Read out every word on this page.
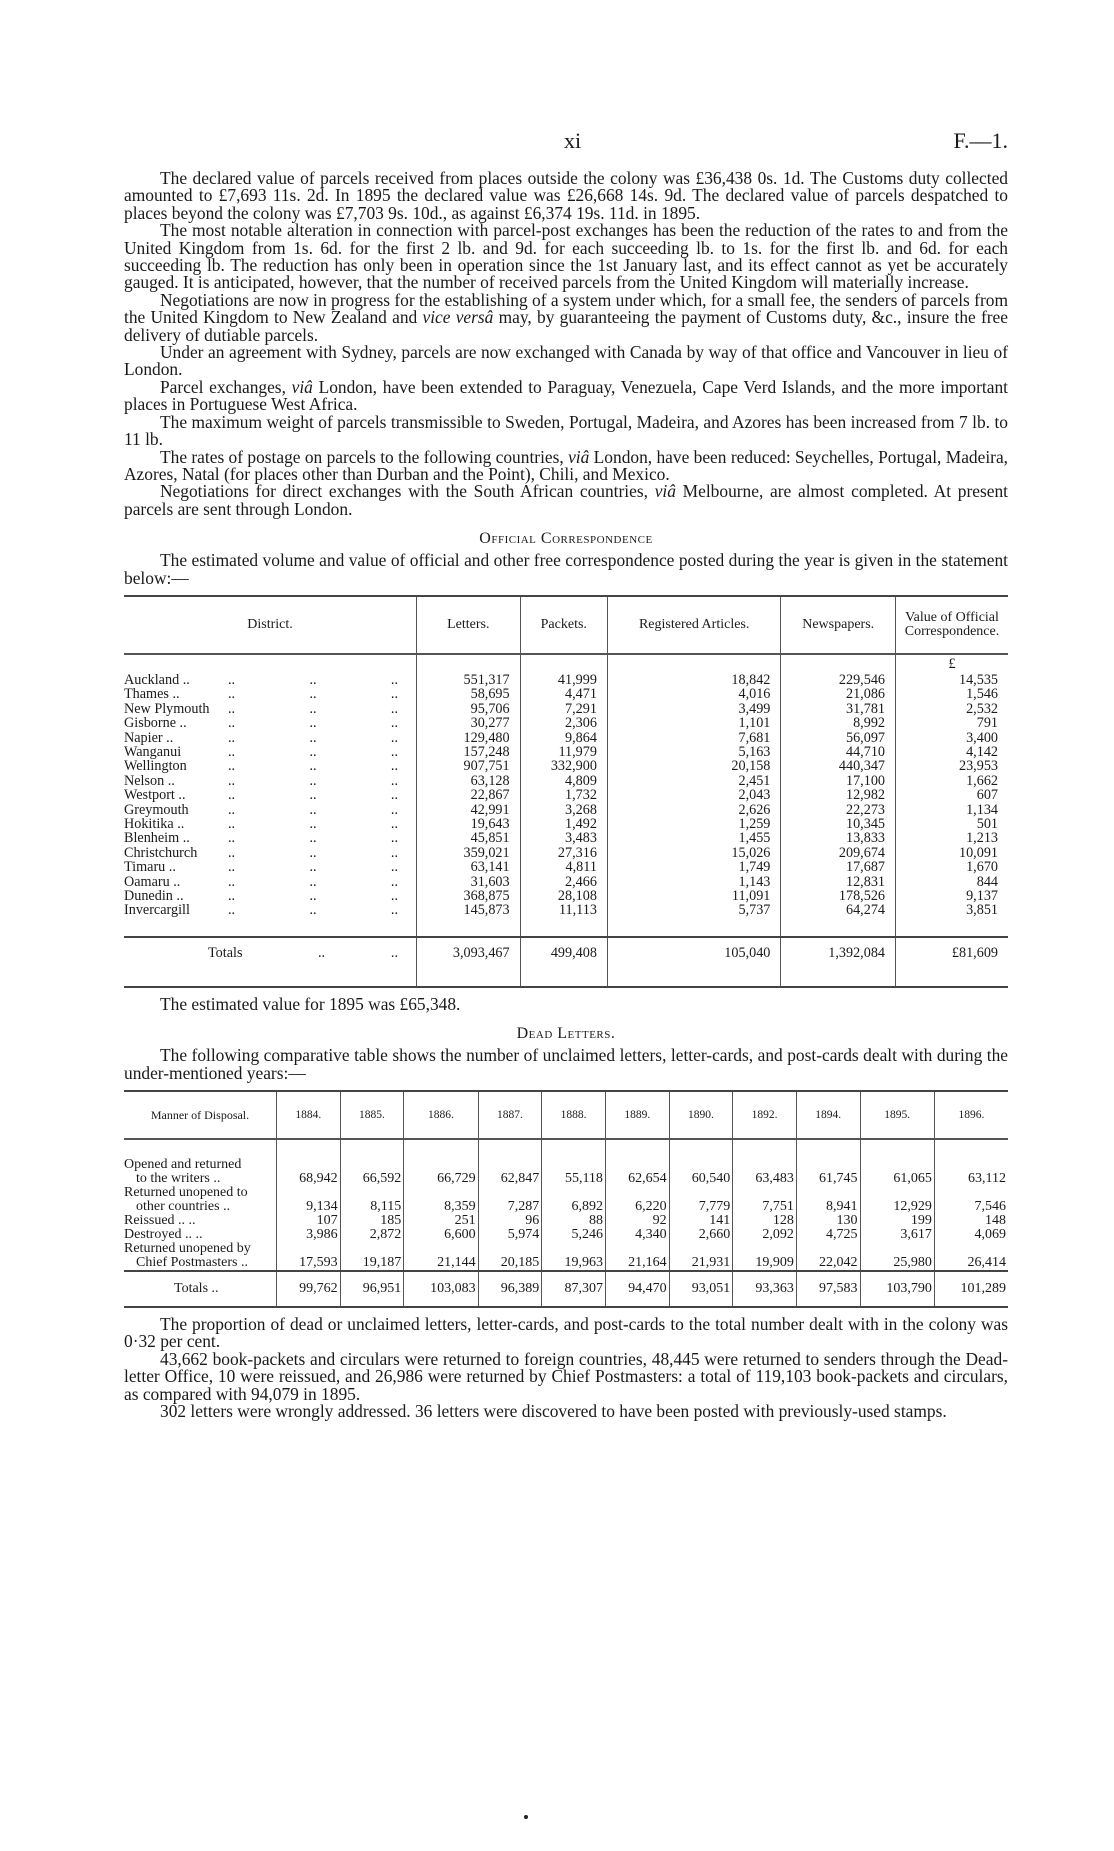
xi	F.—1.

The declared value of parcels received from places outside the colony was £36,438 0s. 1d. The Customs duty collected amounted to £7,693 11s. 2d. In 1895 the declared value was £26,668 14s. 9d. The declared value of parcels despatched to places beyond the colony was £7,703 9s. 10d., as against £6,374 19s. 11d. in 1895.

The most notable alteration in connection with parcel-post exchanges has been the reduction of the rates to and from the United Kingdom from 1s. 6d. for the first 2 lb. and 9d. for each succeeding lb. to 1s. for the first lb. and 6d. for each succeeding lb. The reduction has only been in operation since the 1st January last, and its effect cannot as yet be accurately gauged. It is anticipated, however, that the number of received parcels from the United Kingdom will materially increase.

Negotiations are now in progress for the establishing of a system under which, for a small fee, the senders of parcels from the United Kingdom to New Zealand and vice versâ may, by guaranteeing the payment of Customs duty, &c., insure the free delivery of dutiable parcels.

Under an agreement with Sydney, parcels are now exchanged with Canada by way of that office and Vancouver in lieu of London.

Parcel exchanges, viâ London, have been extended to Paraguay, Venezuela, Cape Verd Islands, and the more important places in Portuguese West Africa.

The maximum weight of parcels transmissible to Sweden, Portugal, Madeira, and Azores has been increased from 7 lb. to 11 lb.

The rates of postage on parcels to the following countries, viâ London, have been reduced: Seychelles, Portugal, Madeira, Azores, Natal (for places other than Durban and the Point), Chili, and Mexico.

Negotiations for direct exchanges with the South African countries, viâ Melbourne, are almost completed. At present parcels are sent through London.

Official Correspondence

The estimated volume and value of official and other free correspondence posted during the year is given in the statement below:—

District.	Letters.	Packets.	Registered Articles.	Newspapers.	Value of Official Correspondence.
					£

Auckland .. .. .. ..	551,317	41,999	18,842	229,546	14,535

Thames .. .. .. ..	58,695	4,471	4,016	21,086	1,546

New Plymouth .. .. ..	95,706	7,291	3,499	31,781	2,532

Gisborne .. .. .. ..	30,277	2,306	1,101	8,992	791

Napier .. .. .. ..	129,480	9,864	7,681	56,097	3,400

Wanganui .. .. ..	157,248	11,979	5,163	44,710	4,142

Wellington .. .. ..	907,751	332,900	20,158	440,347	23,953

Nelson .. .. .. ..	63,128	4,809	2,451	17,100	1,662

Westport .. .. .. ..	22,867	1,732	2,043	12,982	607

Greymouth .. .. ..	42,991	3,268	2,626	22,273	1,134

Hokitika .. .. .. ..	19,643	1,492	1,259	10,345	501

Blenheim .. .. .. ..	45,851	3,483	1,455	13,833	1,213

Christchurch .. .. ..	359,021	27,316	15,026	209,674	10,091

Timaru .. .. .. ..	63,141	4,811	1,749	17,687	1,670

Oamaru .. .. .. ..	31,603	2,466	1,143	12,831	844

Dunedin .. .. .. ..	368,875	28,108	11,091	178,526	9,137

Invercargill .. .. ..	145,873	11,113	5,737	64,274	3,851

Totals .. ..	3,093,467	499,408	105,040	1,392,084	£81,609

The estimated value for 1895 was £65,348.

Dead Letters.

The following comparative table shows the number of unclaimed letters, letter-cards, and post-cards dealt with during the under-mentioned years:—

Manner of Disposal.	1884.	1885.	1886.	1887.	1888.	1889.	1890.	1892.	1894.	1895.	1896.

Opened and returned
to the writers ..	68,942	66,592	66,729	62,847	55,118	62,654	60,540	63,483	61,745	61,065	63,112

Returned unopened to
other countries ..	9,134	8,115	8,359	7,287	6,892	6,220	7,779	7,751	8,941	12,929	7,546

Reissued .. ..	107	185	251	96	88	92	141	128	130	199	148

Destroyed .. ..	3,986	2,872	6,600	5,974	5,246	4,340	2,660	2,092	4,725	3,617	4,069

Returned unopened by
Chief Postmasters ..	17,593	19,187	21,144	20,185	19,963	21,164	21,931	19,909	22,042	25,980	26,414
Totals ..	99,762	96,951	103,083	96,389	87,307	94,470	93,051	93,363	97,583	103,790	101,289

The proportion of dead or unclaimed letters, letter-cards, and post-cards to the total number dealt with in the colony was 0·32 per cent.

43,662 book-packets and circulars were returned to foreign countries, 48,445 were returned to senders through the Dead-letter Office, 10 were reissued, and 26,986 were returned by Chief Postmasters: a total of 119,103 book-packets and circulars, as compared with 94,079 in 1895.

302 letters were wrongly addressed. 36 letters were discovered to have been posted with previously-used stamps.
